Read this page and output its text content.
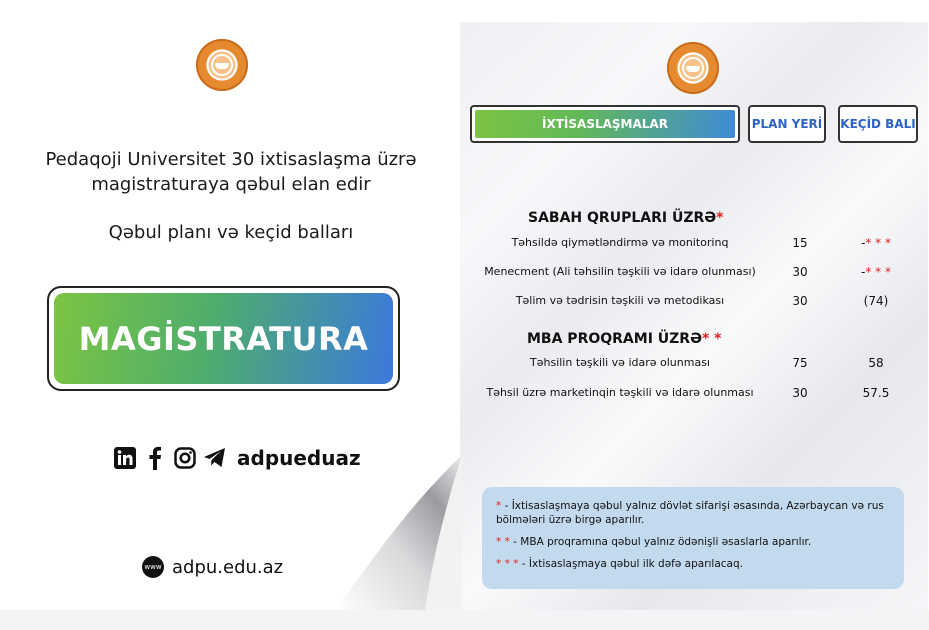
Pedaqoji Universitet 30 ixtisaslaşma üzrə
magistraturaya qəbul elan edir
Qəbul planı və keçid balları
MAGİSTRATURA
adpueduaz
www adpu.edu.az
İXTİSASLAŞMALAR	PLAN YERİ	KEÇİD BALI
SABAH QRUPLARI ÜZRƏ*
Təhsildə qiymətləndirmə və monitorinq	15	-* * *
Menecment (Ali təhsilin təşkili və idarə olunması)	30	-* * *
Təlim və tədrisin təşkili və metodikası	30	(74)
MBA PROQRAMI ÜZRƏ* *
Təhsilin təşkili və idarə olunması	75	58
Təhsil üzrə marketinqin təşkili və idarə olunması	30	57.5
* - İxtisaslaşmaya qəbul yalnız dövlət sifarişi əsasında, Azərbaycan və rus bölmələri üzrə birgə aparılır.
* * - MBA proqramına qəbul yalnız ödənişli əsaslarla aparılır.
* * * - İxtisaslaşmaya qəbul ilk dəfə aparılacaq.
